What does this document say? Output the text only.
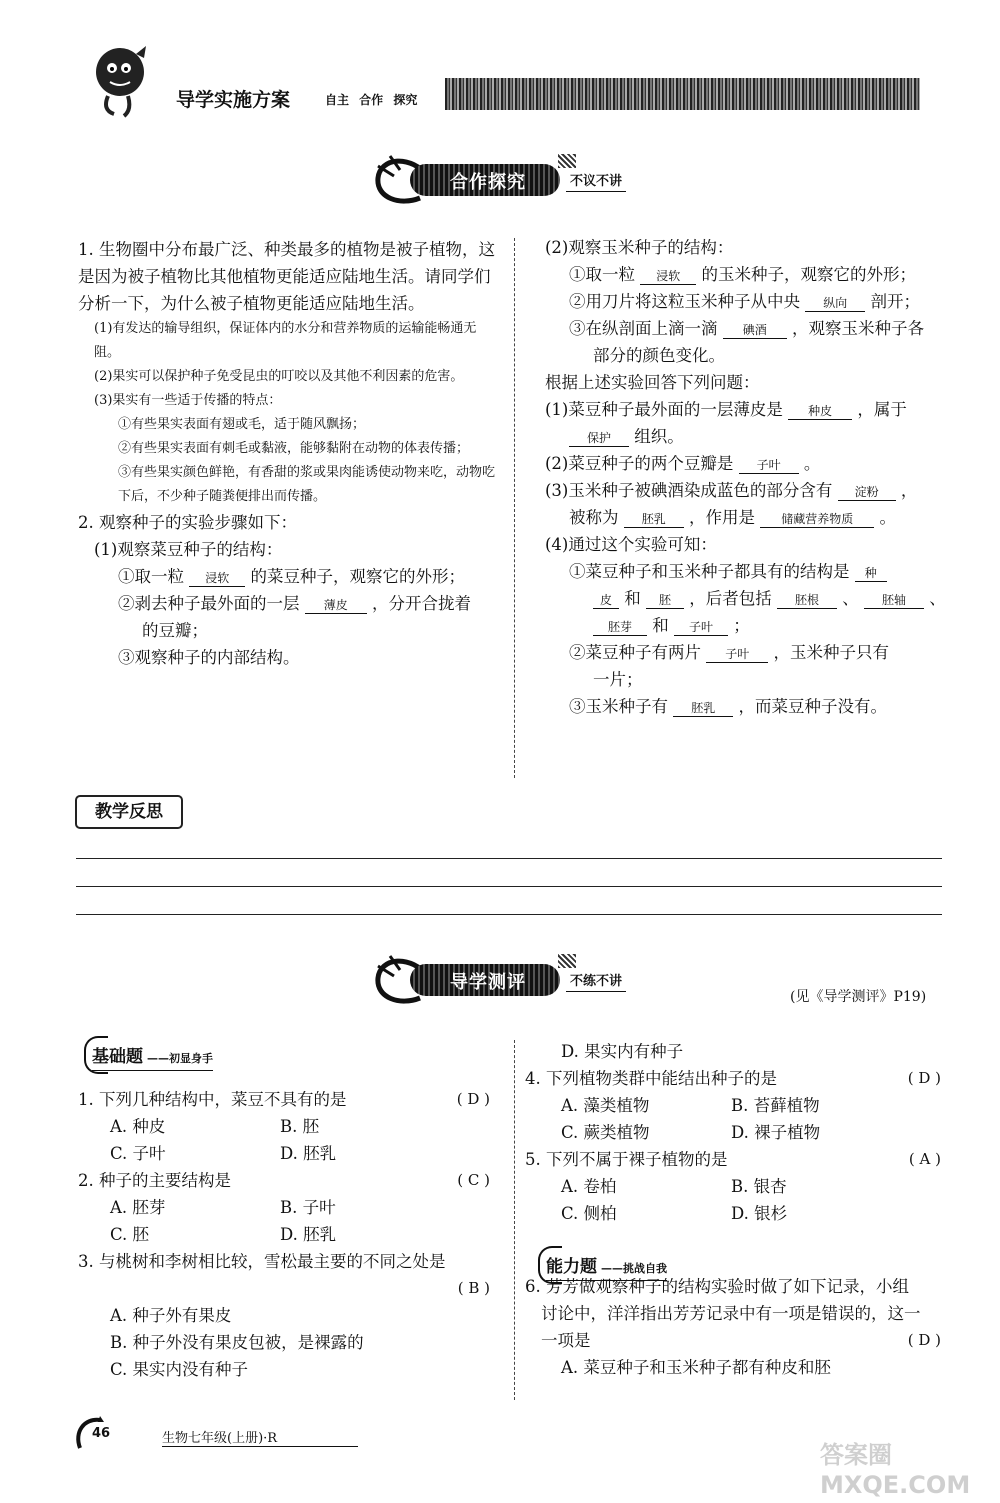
导学实施方案	自主 合作 探究
合作探究	不议不讲
1. 生物圈中分布最广泛、种类最多的植物是被子植物，这是因为被子植物比其他植物更能适应陆地生活。请同学们分析一下，为什么被子植物更能适应陆地生活。
(1)有发达的输导组织，保证体内的水分和营养物质的运输能畅通无阻。
(2)果实可以保护种子免受昆虫的叮咬以及其他不利因素的危害。
(3)果实有一些适于传播的特点：
①有些果实表面有翅或毛，适于随风飘扬；
②有些果实表面有刺毛或黏液，能够黏附在动物的体表传播；
③有些果实颜色鲜艳，有香甜的浆或果肉能诱使动物来吃，动物吃下后，不少种子随粪便排出而传播。
2. 观察种子的实验步骤如下：
(1)观察菜豆种子的结构：
①取一粒 浸软 的菜豆种子，观察它的外形；
②剥去种子最外面的一层 薄皮 ，分开合拢着
的豆瓣；
③观察种子的内部结构。
(2)观察玉米种子的结构：
①取一粒 浸软 的玉米种子，观察它的外形；
②用刀片将这粒玉米种子从中央 纵向 剖开；
③在纵剖面上滴一滴 碘酒 ，观察玉米种子各
部分的颜色变化。
根据上述实验回答下列问题：
(1)菜豆种子最外面的一层薄皮是 种皮 ，属于
保护 组织。
(2)菜豆种子的两个豆瓣是 子叶 。
(3)玉米种子被碘酒染成蓝色的部分含有 淀粉 ，
被称为 胚乳 ，作用是 储藏营养物质 。
(4)通过这个实验可知：
①菜豆种子和玉米种子都具有的结构是 种
皮 和 胚 ，后者包括 胚根 、 胚轴 、
胚芽 和 子叶 ；
②菜豆种子有两片 子叶 ，玉米种子只有
一片；
③玉米种子有 胚乳 ，而菜豆种子没有。
教学反思
导学测评	不练不讲
(见《导学测评》P19)
基础题 ——初显身手
1. 下列几种结构中，菜豆不具有的是	( D )
A. 种皮	B. 胚
C. 子叶	D. 胚乳
2. 种子的主要结构是	( C )
A. 胚芽	B. 子叶
C. 胚	D. 胚乳
3. 与桃树和李树相比较，雪松最主要的不同之处是
( B )
A. 种子外有果皮
B. 种子外没有果皮包被，是裸露的
C. 果实内没有种子
D. 果实内有种子
4. 下列植物类群中能结出种子的是	( D )
A. 藻类植物	B. 苔藓植物
C. 蕨类植物	D. 裸子植物
5. 下列不属于裸子植物的是	( A )
A. 卷柏	B. 银杏
C. 侧柏	D. 银杉
6. 芳芳做观察种子的结构实验时做了如下记录，小组
讨论中，洋洋指出芳芳记录中有一项是错误的，这一
一项是	( D )
A. 菜豆种子和玉米种子都有种皮和胚
能力题 ——挑战自我
46	生物七年级(上册)·R
答案圈 MXQE.COM
